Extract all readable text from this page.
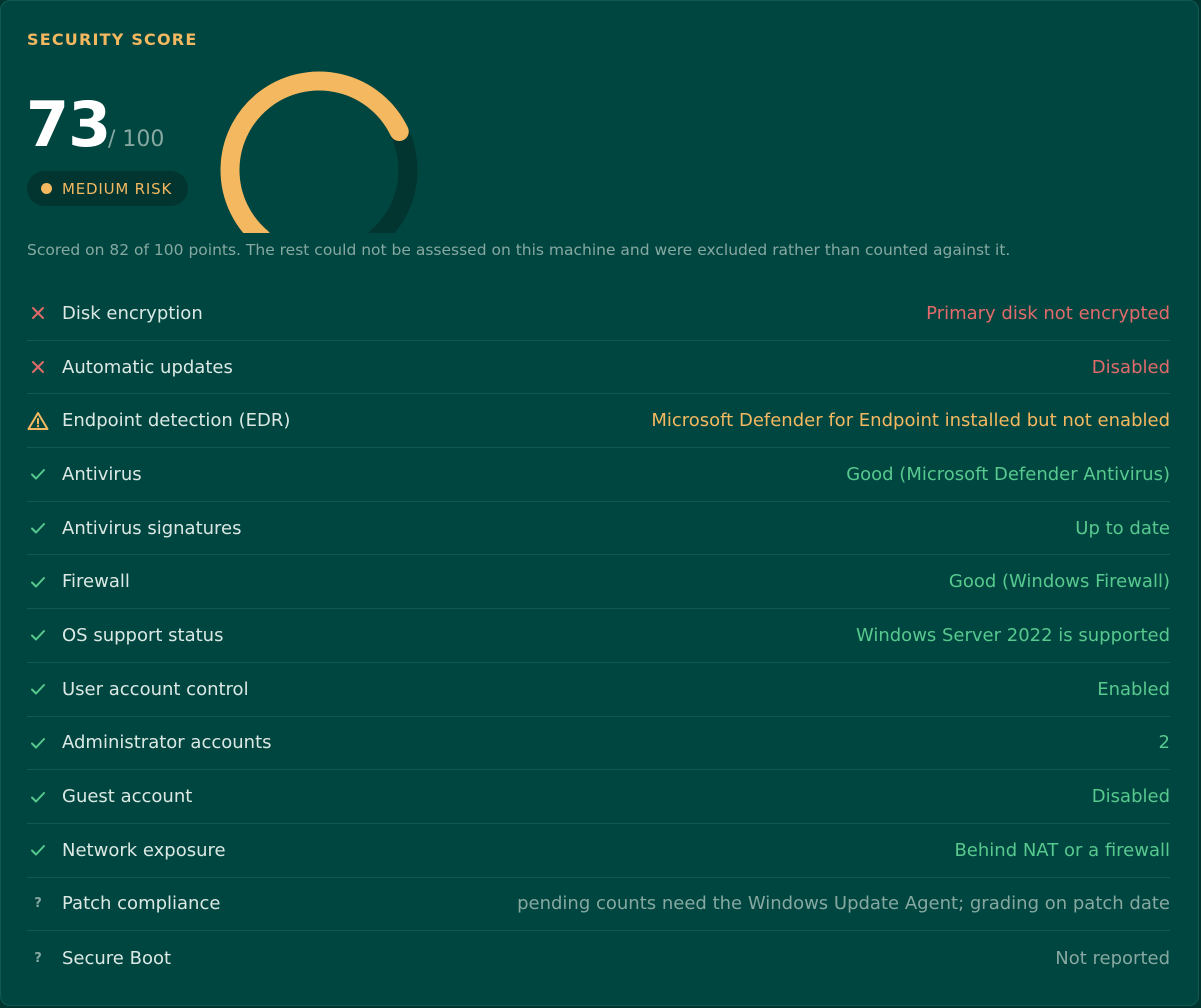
SECURITY SCORE
73
/ 100
MEDIUM RISK
Scored on 82 of 100 points. The rest could not be assessed on this machine and were excluded rather than counted against it.
Disk encryption	Primary disk not encrypted
Automatic updates	Disabled
Endpoint detection (EDR)	Microsoft Defender for Endpoint installed but not enabled
Antivirus	Good (Microsoft Defender Antivirus)
Antivirus signatures	Up to date
Firewall	Good (Windows Firewall)
OS support status	Windows Server 2022 is supported
User account control	Enabled
Administrator accounts	2
Guest account	Disabled
Network exposure	Behind NAT or a firewall
? Patch compliance	pending counts need the Windows Update Agent; grading on patch date
? Secure Boot	Not reported
